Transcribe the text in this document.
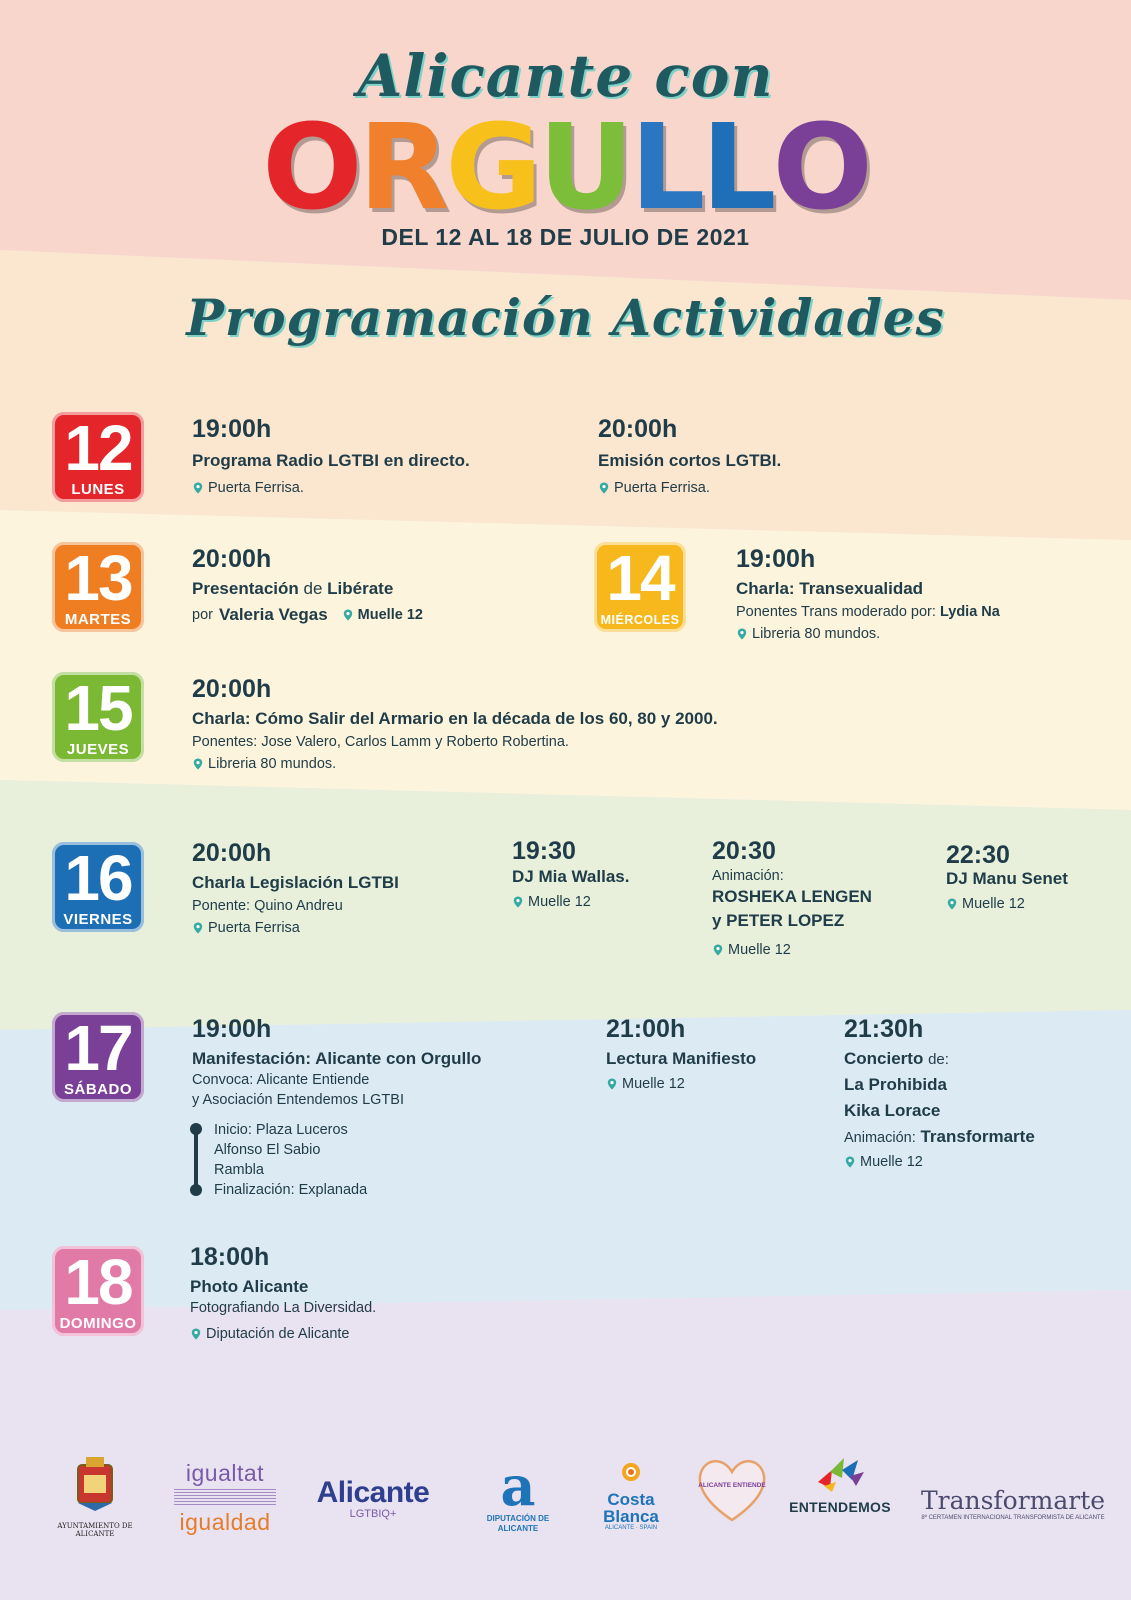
Alicante con
ORGULLO
DEL 12 AL 18 DE JULIO DE 2021
Programación Actividades
12
LUNES
19:00h
Programa Radio LGTBI en directo.
Puerta Ferrisa.
20:00h
Emisión cortos LGTBI.
Puerta Ferrisa.
13
MARTES
20:00h
Presentación de Libérate
por Valeria Vegas Muelle 12
14
MIÉRCOLES
19:00h
Charla: Transexualidad
Ponentes Trans moderado por: Lydia Na
Libreria 80 mundos.
15
JUEVES
20:00h
Charla: Cómo Salir del Armario en la década de los 60, 80 y 2000.
Ponentes: Jose Valero, Carlos Lamm y Roberto Robertina.
Libreria 80 mundos.
16
VIERNES
20:00h
Charla Legislación LGTBI
Ponente: Quino Andreu
Puerta Ferrisa
19:30
DJ Mia Wallas.
Muelle 12
20:30
Animación:
ROSHEKA LENGEN
y PETER LOPEZ
Muelle 12
22:30
DJ Manu Senet
Muelle 12
17
SÁBADO
19:00h
Manifestación: Alicante con Orgullo
Convoca: Alicante Entiende
y Asociación Entendemos LGTBI
Inicio: Plaza Luceros
Alfonso El Sabio
Rambla
Finalización: Explanada
21:00h
Lectura Manifiesto
Muelle 12
21:30h
Concierto de:
La Prohibida
Kika Lorace
Animación: Transformarte
Muelle 12
18
DOMINGO
18:00h
Photo Alicante
Fotografiando La Diversidad.
Diputación de Alicante
AYUNTAMIENTO DE ALICANTE
igualtat
igualdad
Alicante
LGTBIQ+	a
DIPUTACIÓN DE ALICANTE
Costa
Blanca
ALICANTE · SPAIN
ALICANTE ENTIENDE
ENTENDEMOS Transformarte
8º CERTAMEN INTERNACIONAL TRANSFORMISTA DE ALICANTE
